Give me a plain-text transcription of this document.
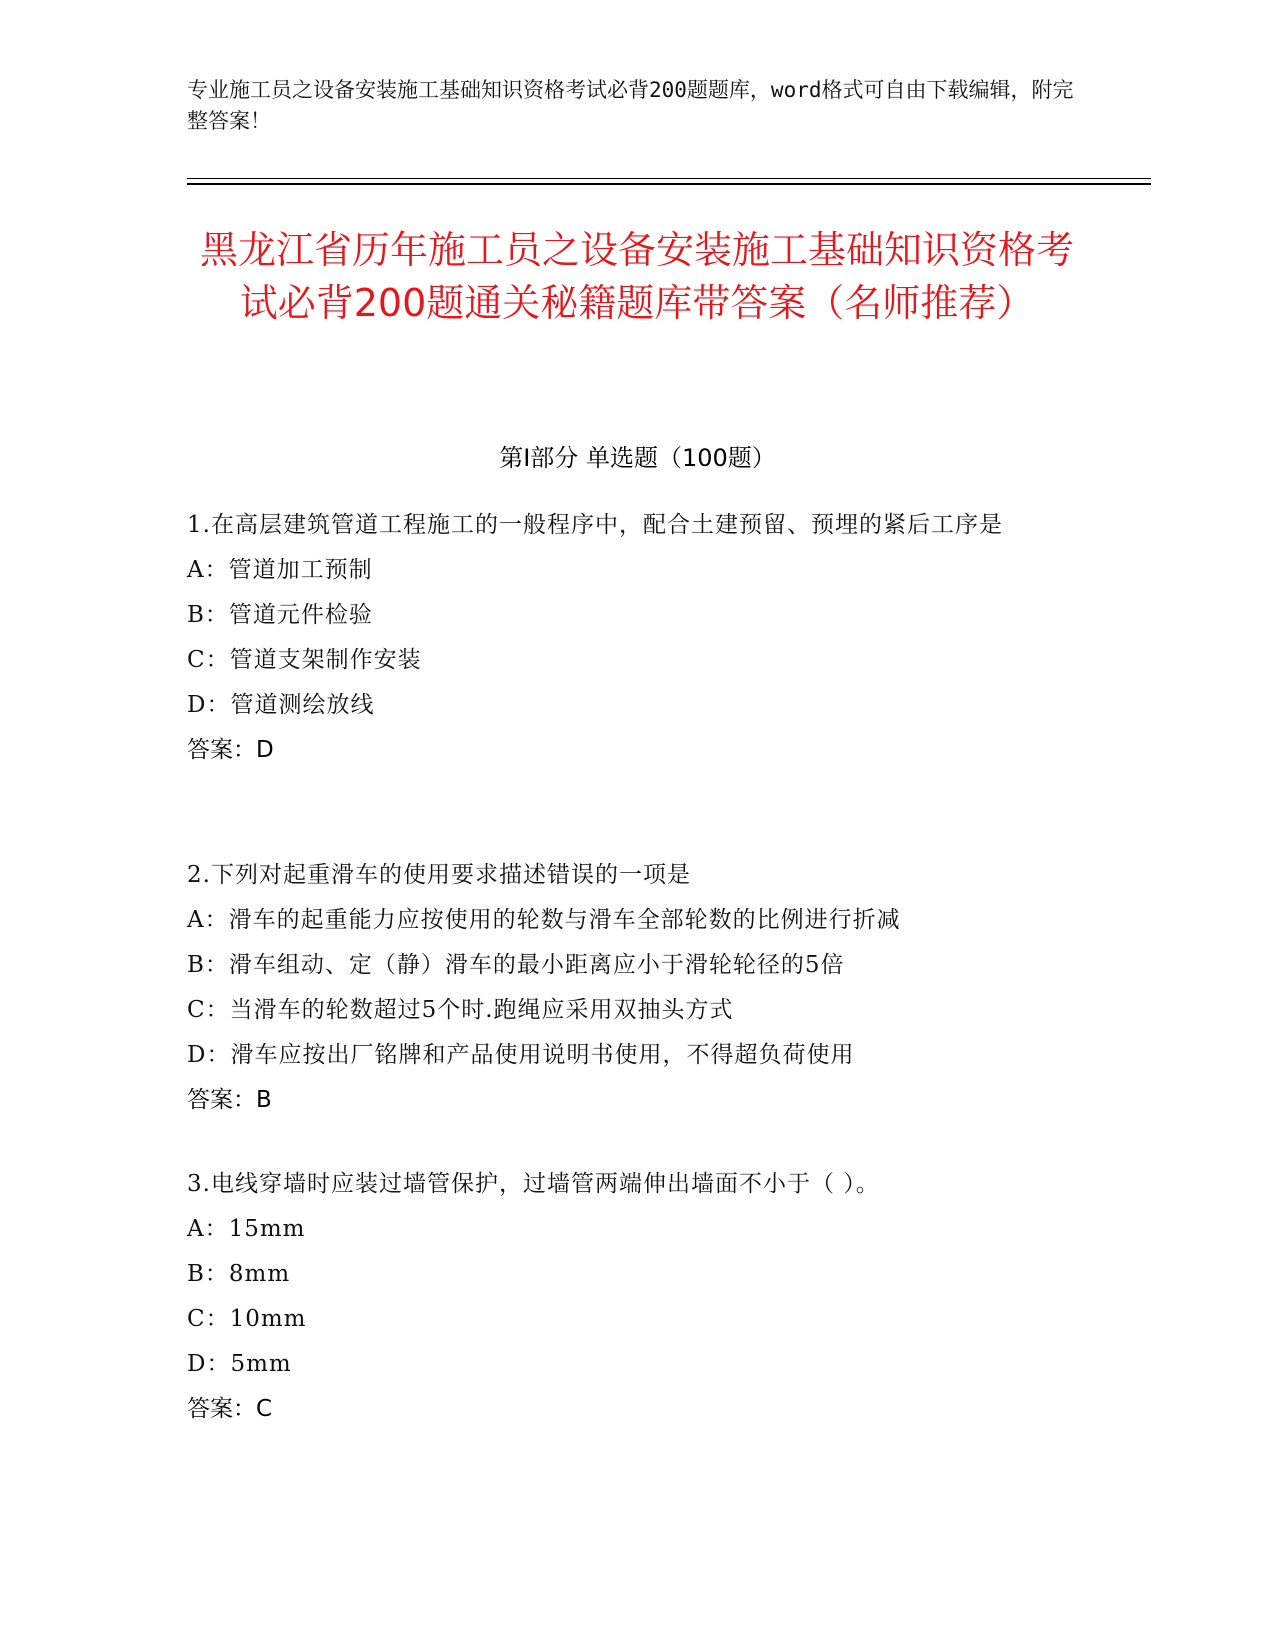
专业施工员之设备安装施工基础知识资格考试必背200题题库，word格式可自由下载编辑，附完整答案！
黑龙江省历年施工员之设备安装施工基础知识资格考试必背200题通关秘籍题库带答案（名师推荐）
第Ⅰ部分 单选题（100题）
1.在高层建筑管道工程施工的一般程序中，配合土建预留、预埋的紧后工序是
A：管道加工预制
B：管道元件检验
C：管道支架制作安装
D：管道测绘放线
答案：D
2.下列对起重滑车的使用要求描述错误的一项是
A：滑车的起重能力应按使用的轮数与滑车全部轮数的比例进行折减
B：滑车组动、定（静）滑车的最小距离应小于滑轮轮径的5倍
C：当滑车的轮数超过5个时.跑绳应采用双抽头方式
D：滑车应按出厂铭牌和产品使用说明书使用，不得超负荷使用
答案：B
3.电线穿墙时应装过墙管保护，过墙管两端伸出墙面不小于（ ）。
A：15mm
B：8mm
C：10mm
D：5mm
答案：C
